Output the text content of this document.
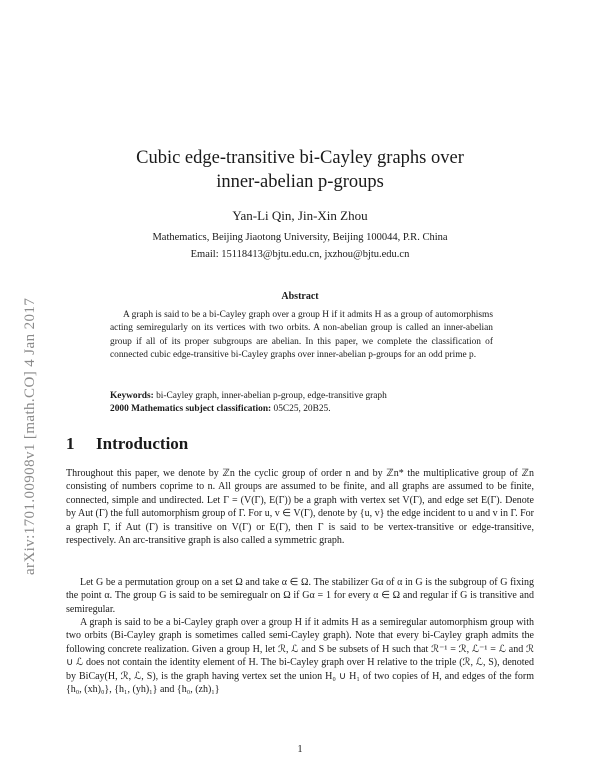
arXiv:1701.00908v1 [math.CO] 4 Jan 2017
Cubic edge-transitive bi-Cayley graphs over
inner-abelian p-groups
Yan-Li Qin, Jin-Xin Zhou
Mathematics, Beijing Jiaotong University, Beijing 100044, P.R. China
Email: 15118413@bjtu.edu.cn, jxzhou@bjtu.edu.cn
Abstract
A graph is said to be a bi-Cayley graph over a group H if it admits H as a group of automorphisms acting semiregularly on its vertices with two orbits. A non-abelian group is called an inner-abelian group if all of its proper subgroups are abelian. In this paper, we complete the classification of connected cubic edge-transitive bi-Cayley graphs over inner-abelian p-groups for an odd prime p.
Keywords: bi-Cayley graph, inner-abelian p-group, edge-transitive graph
2000 Mathematics subject classification: 05C25, 20B25.
1 Introduction
Throughout this paper, we denote by ℤn the cyclic group of order n and by ℤn* the multiplicative group of ℤn consisting of numbers coprime to n. All groups are assumed to be finite, and all graphs are assumed to be finite, connected, simple and undirected. Let Γ = (V(Γ), E(Γ)) be a graph with vertex set V(Γ), and edge set E(Γ). Denote by Aut (Γ) the full automorphism group of Γ. For u, v ∈ V(Γ), denote by {u, v} the edge incident to u and v in Γ. For a graph Γ, if Aut (Γ) is transitive on V(Γ) or E(Γ), then Γ is said to be vertex-transitive or edge-transitive, respectively. An arc-transitive graph is also called a symmetric graph.
Let G be a permutation group on a set Ω and take α ∈ Ω. The stabilizer Gα of α in G is the subgroup of G fixing the point α. The group G is said to be semiregualr on Ω if Gα = 1 for every α ∈ Ω and regular if G is transitive and semiregular.
A graph is said to be a bi-Cayley graph over a group H if it admits H as a semiregular automorphism group with two orbits (Bi-Cayley graph is sometimes called semi-Cayley graph). Note that every bi-Cayley graph admits the following concrete realization. Given a group H, let ℛ, ℒ and S be subsets of H such that ℛ⁻¹ = ℛ, ℒ⁻¹ = ℒ and ℛ ∪ ℒ does not contain the identity element of H. The bi-Cayley graph over H relative to the triple (ℛ, ℒ, S), denoted by BiCay(H, ℛ, ℒ, S), is the graph having vertex set the union H₀ ∪ H₁ of two copies of H, and edges of the form {h₀, (xh)₀}, {h₁, (yh)₁} and {h₀, (zh)₁}
1
